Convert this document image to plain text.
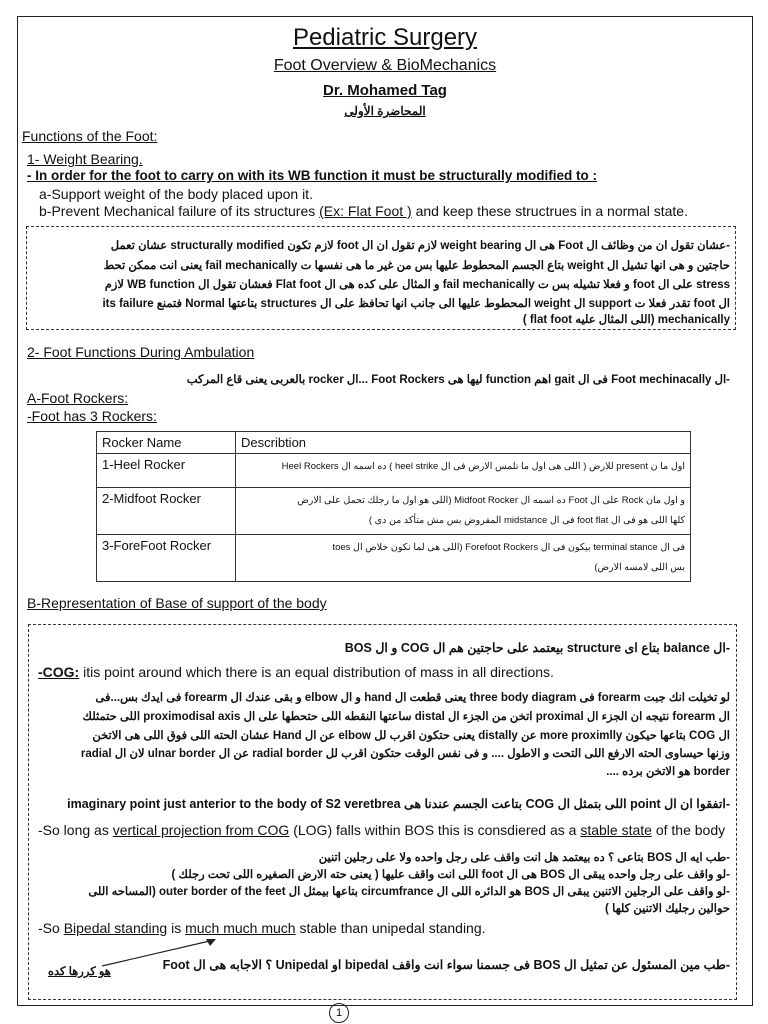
Pediatric Surgery
Foot Overview & BioMechanics
Dr. Mohamed Tag
المحاضرة الأولى
Functions of the Foot:
1- Weight Bearing.
- In order for the foot to carry on with its WB function it must be structurally modified to :
a-Support weight of the body placed upon it.
b-Prevent Mechanical failure of its structures (Ex: Flat Foot ) and keep these structrues in a normal state.
-عشان تقول ان من وظائف ال Foot هى ال weight bearing لازم تقول ان ال foot لازم تكون structurally modified عشان تعمل
حاجتين و هى انها تشيل ال weight بتاع الجسم المحطوط عليها بس من غير ما هى نفسها ت fail mechanically يعنى انت ممكن تحط
stress على ال foot و فعلا تشيله بس ت fail mechanically و المثال على كده هى ال Flat foot فعشان تقول ال WB function لازم
ال foot تقدر فعلا ت support ال weight المحطوط عليها الى جانب انها تحافظ على ال structures بتاعتها Normal فتمنع its failure
mechanically (اللى المثال عليه flat foot )
2- Foot Functions During Ambulation
-ال Foot mechinacally فى ال gait اهم function ليها هى Foot Rockers ...ال rocker بالعربى يعنى قاع المركب
A-Foot Rockers:
-Foot has 3 Rockers:
Rocker Name	Describtion
1-Heel Rocker	اول ما ن present للارض ( اللى هى اول ما نلمس الارض فى ال heel strike ) ده اسمه ال Heel Rockers

2-Midfoot Rocker	و اول مان Rock على ال Foot ده اسمه ال Midfoot Rocker (اللى هو اول ما رجلك تحمل على الارض
كلها اللى هو فى ال foot flat فى ال midstance المفروض بس مش متأكد من دى )

3-ForeFoot Rocker	فى ال terminal stance بيكون فى ال Forefoot Rockers (اللى هى لما نكون خلاص ال toes
بس اللى لامسه الارض)
B-Representation of Base of support of the body
-ال balance بتاع اى structure بيعتمد على حاجتين هم ال COG و ال BOS
-COG: itis point around which there is an equal distribution of mass in all directions.
لو تخيلت انك جبت forearm فى three body diagram يعنى قطعت ال hand و ال elbow و بقى عندك ال forearm فى ايدك بس...فى
ال forearm نتيجه ان الجزء ال proximal اتخن من الجزء ال distal ساعتها النقطه اللى حتحطها على ال proximodisal axis اللى حتمثلك
ال COG بتاعها حيكون more proximlly عن distally يعنى حتكون اقرب لل elbow عن ال Hand عشان الحته اللى فوق اللى هى الاتخن
وزنها حيساوى الحته الارفع اللى التحت و الاطول .... و فى نفس الوقت حتكون اقرب لل radial border عن ال ulnar border لان ال radial
border هو الاتخن برده ....
-اتفقوا ان ال point اللى بتمثل ال COG بتاعت الجسم عندنا هى imaginary point just anterior to the body of S2 veretbrea
-So long as vertical projection from COG (LOG) falls within BOS this is consdiered as a stable state of the body
-طب ايه ال BOS بتاعى ؟ ده بيعتمد هل انت واقف على رجل واحده ولا على رجلين اتنين
-لو واقف على رجل واحده يبقى ال BOS هى ال foot اللى انت واقف عليها ( يعنى حته الارض الصغيره اللى تحت رجلك )
-لو واقف على الرجلين الاتنين يبقى ال BOS هو الدائره اللى ال circumfrance بتاعها بيمثل ال outer border of the feet (المساحه اللى
حوالين رجليك الاتنين كلها )
-So Bipedal standing is much much much stable than unipedal standing.
-طب مين المسئول عن تمثيل ال BOS فى جسمنا سواء انت واقف bipedal او Unipedal ؟ الاجابه هى ال Foot
هو كررها كده
1
